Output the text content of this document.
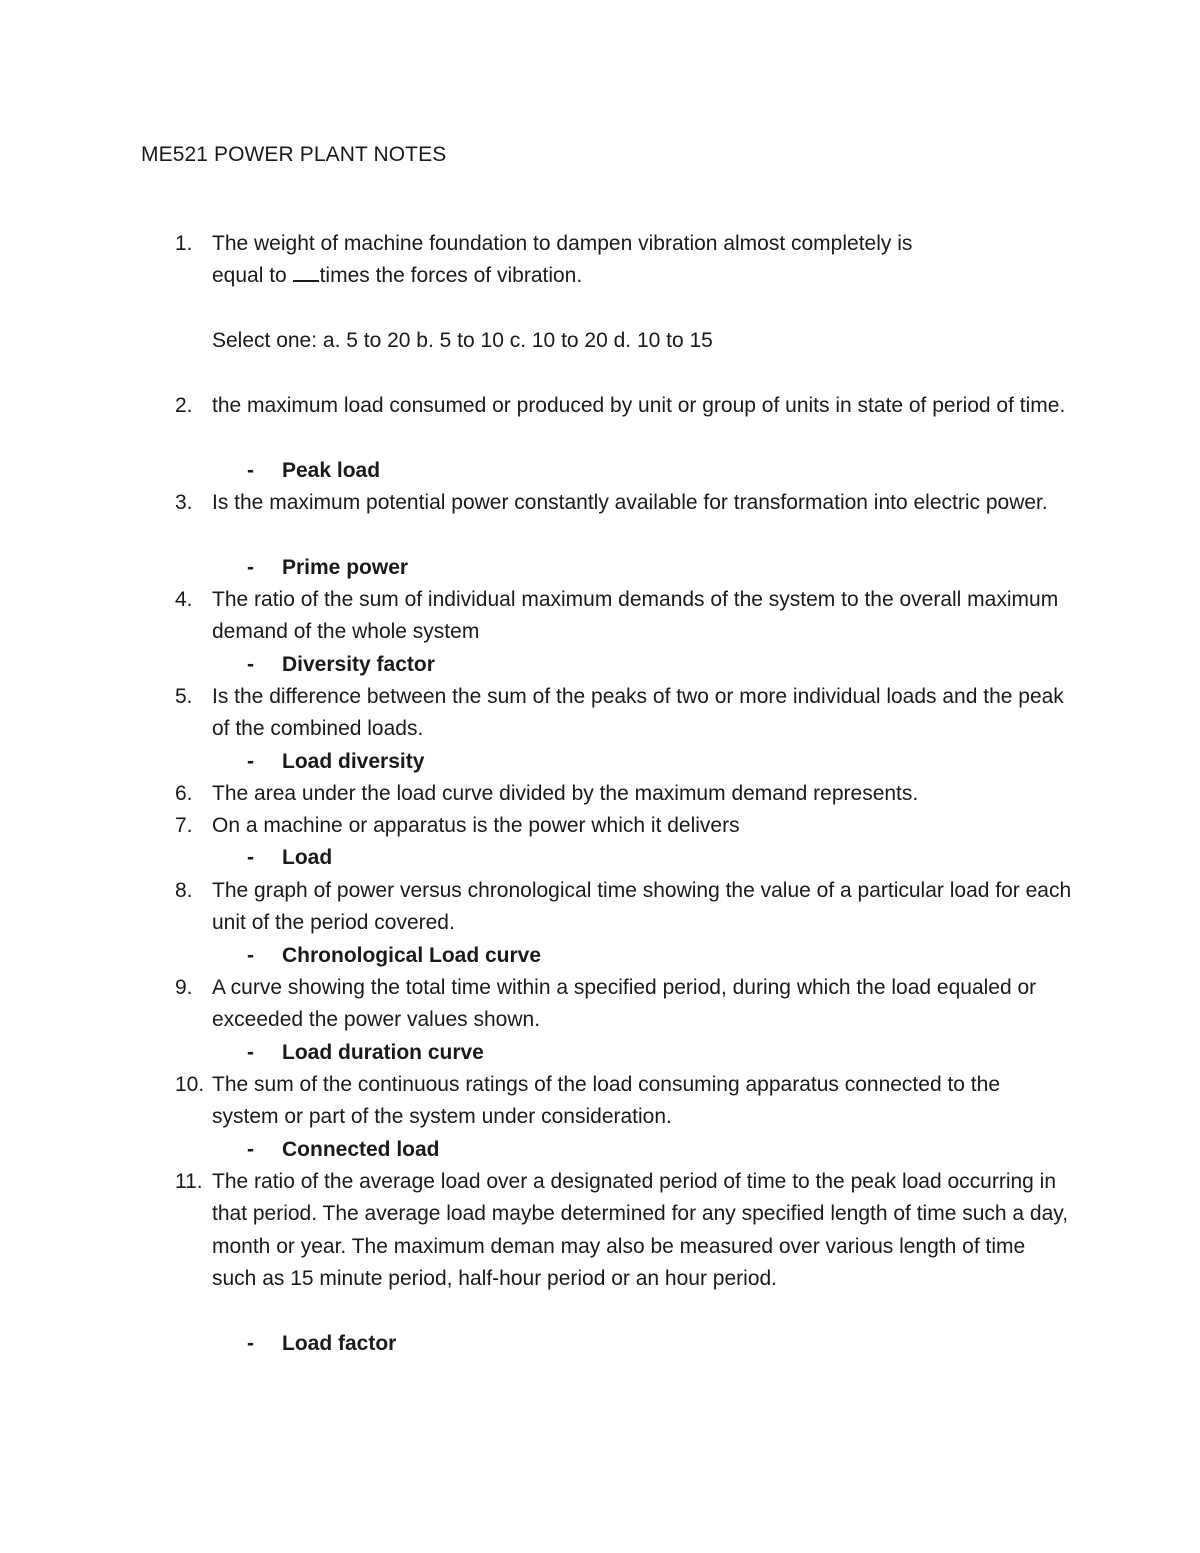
ME521 POWER PLANT NOTES
1. The weight of machine foundation to dampen vibration almost completely is
equal to times the forces of vibration.
Select one: a. 5 to 20 b. 5 to 10 c. 10 to 20 d. 10 to 15
2. the maximum load consumed or produced by unit or group of units in state of period of time.
- Peak load
3. Is the maximum potential power constantly available for transformation into electric power.
- Prime power
4. The ratio of the sum of individual maximum demands of the system to the overall maximum demand of the whole system
- Diversity factor
5. Is the difference between the sum of the peaks of two or more individual loads and the peak of the combined loads.
- Load diversity
6. The area under the load curve divided by the maximum demand represents.
7. On a machine or apparatus is the power which it delivers
- Load
8. The graph of power versus chronological time showing the value of a particular load for each unit of the period covered.
- Chronological Load curve
9. A curve showing the total time within a specified period, during which the load equaled or exceeded the power values shown.
- Load duration curve
10. The sum of the continuous ratings of the load consuming apparatus connected to the system or part of the system under consideration.
- Connected load
11. The ratio of the average load over a designated period of time to the peak load occurring in that period. The average load maybe determined for any specified length of time such a day, month or year. The maximum deman may also be measured over various length of time such as 15 minute period, half-hour period or an hour period.
- Load factor
